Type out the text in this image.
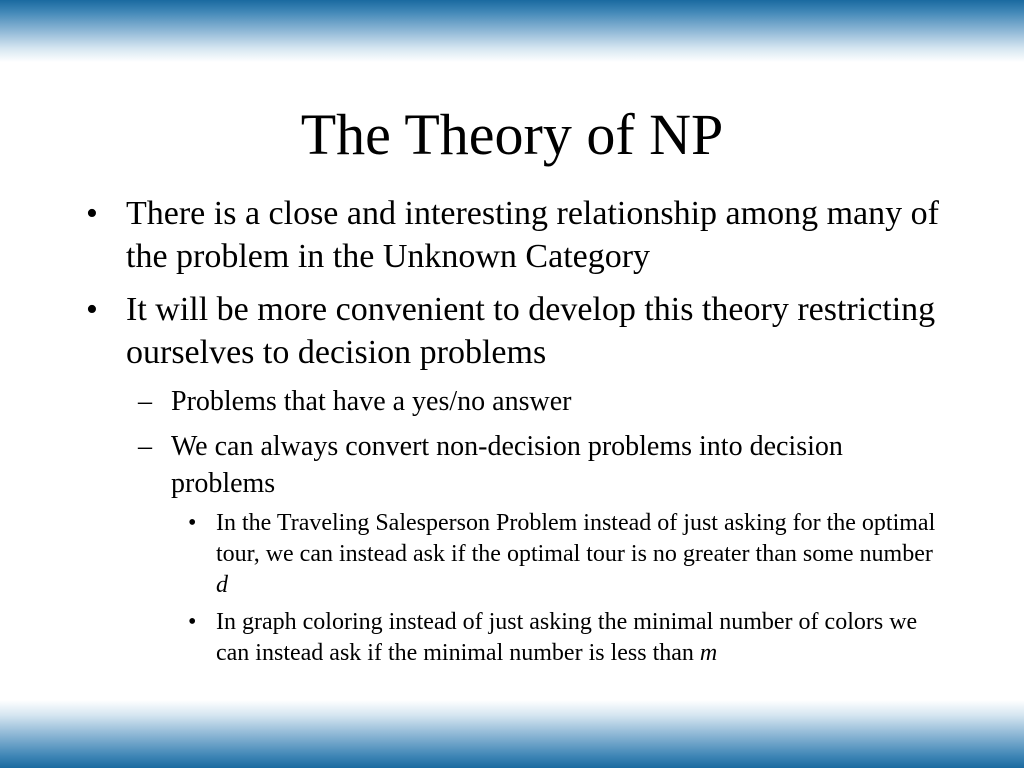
The Theory of NP
• There is a close and interesting relationship among many of the problem in the Unknown Category
• It will be more convenient to develop this theory restricting ourselves to decision problems
– Problems that have a yes/no answer
– We can always convert non-decision problems into decision problems
• In the Traveling Salesperson Problem instead of just asking for the optimal tour, we can instead ask if the optimal tour is no greater than some number d
• In graph coloring instead of just asking the minimal number of colors we can instead ask if the minimal number is less than m
